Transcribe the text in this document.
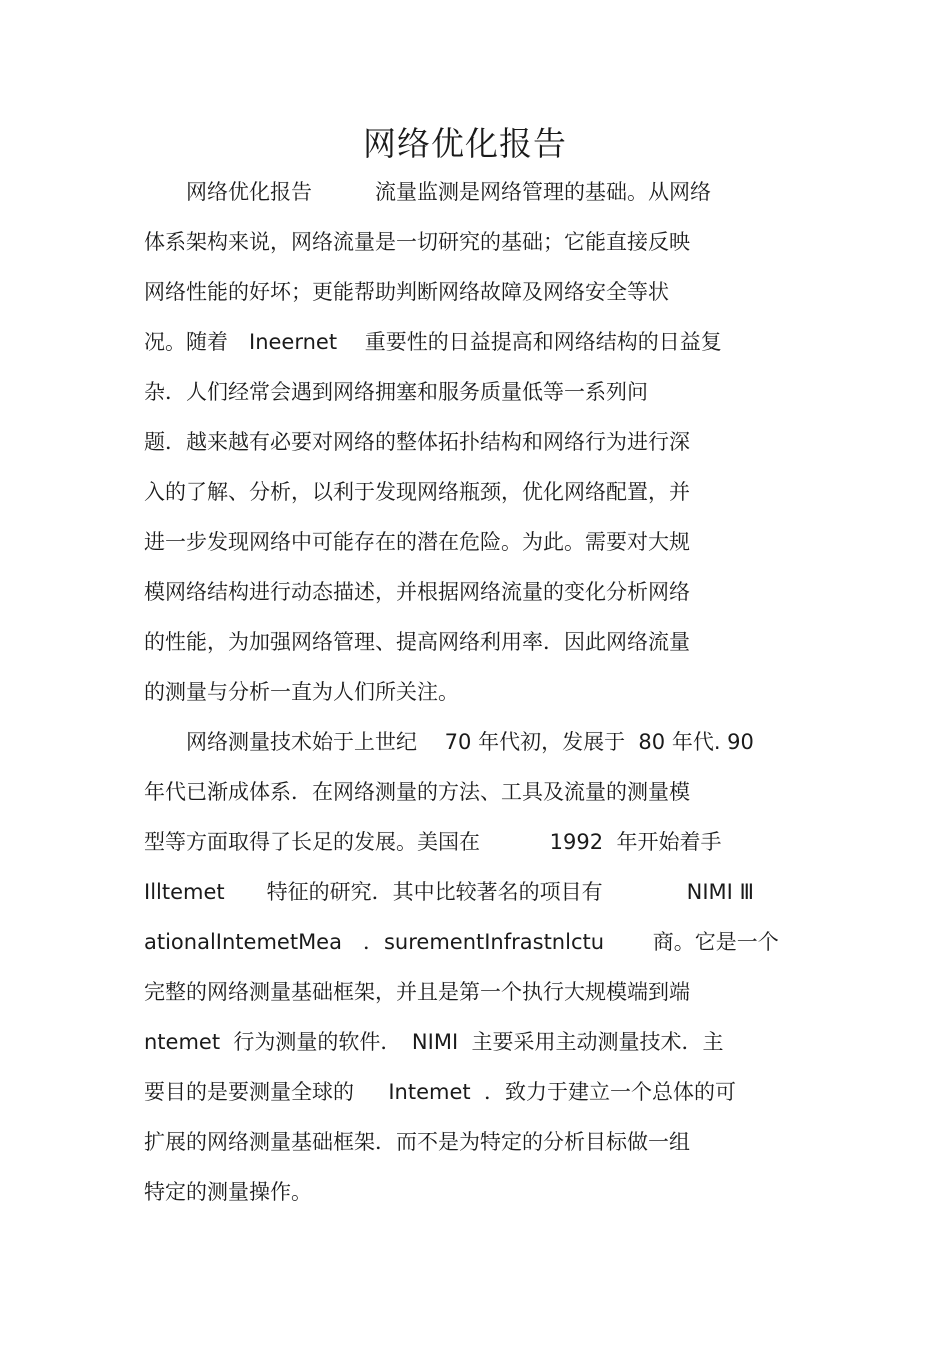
网络优化报告
　　网络优化报告　　　流量监测是网络管理的基础。从网络
体系架构来说，网络流量是一切研究的基础；它能直接反映
网络性能的好坏；更能帮助判断网络故障及网络安全等状
况。随着　Ineernet　 重要性的日益提高和网络结构的日益复
杂．人们经常会遇到网络拥塞和服务质量低等一系列问
题．越来越有必要对网络的整体拓扑结构和网络行为进行深
入的了解、分析，以利于发现网络瓶颈，优化网络配置，并
进一步发现网络中可能存在的潜在危险。为此。需要对大规
模网络结构进行动态描述，并根据网络流量的变化分析网络
的性能，为加强网络管理、提高网络利用率．因此网络流量
的测量与分析一直为人们所关注。
　　网络测量技术始于上世纪　 70 年代初，发展于  80 年代. 90
年代已渐成体系．在网络测量的方法、工具及流量的测量模
型等方面取得了长足的发展。美国在　　　 1992  年开始着手
Illtemet　　特征的研究．其中比较著名的项目有　　　　NIMI Ⅲ
ationalIntemetMea　．surementInfrastnlctu　　 商。它是一个
完整的网络测量基础框架，并且是第一个执行大规模端到端
ntemet  行为测量的软件．　NIMI  主要采用主动测量技术．主
要目的是要测量全球的　  Intemet  ．致力于建立一个总体的可
扩展的网络测量基础框架．而不是为特定的分析目标做一组
特定的测量操作。
